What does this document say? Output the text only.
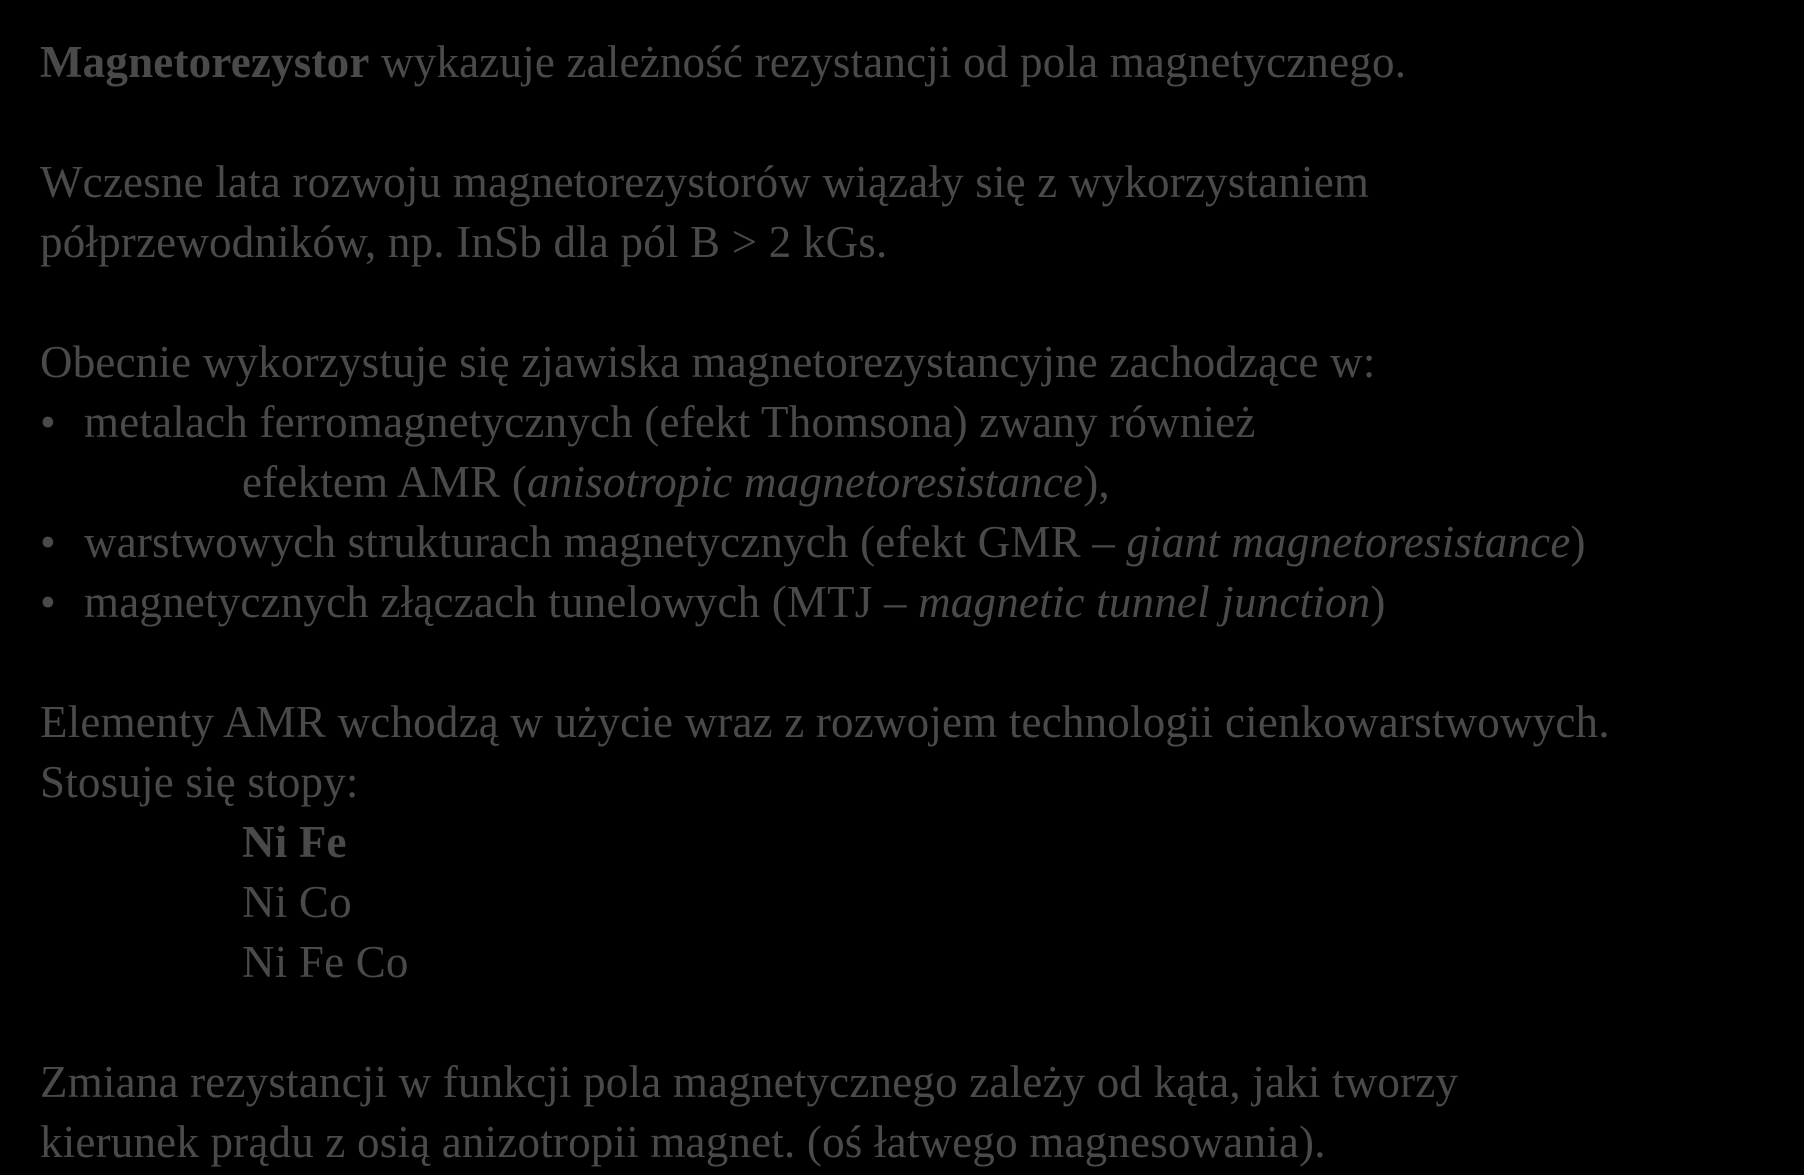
Magnetorezystor wykazuje zależność rezystancji od pola magnetycznego.
Wczesne lata rozwoju magnetorezystorów wiązały się z wykorzystaniem
półprzewodników, np. InSb dla pól B > 2 kGs.
Obecnie wykorzystuje się zjawiska magnetorezystancyjne zachodzące w:
• metalach ferromagnetycznych (efekt Thomsona) zwany również
efektem AMR (anisotropic magnetoresistance),
• warstwowych strukturach magnetycznych (efekt GMR – giant magnetoresistance)
• magnetycznych złączach tunelowych (MTJ – magnetic tunnel junction)
Elementy AMR wchodzą w użycie wraz z rozwojem technologii cienkowarstwowych.
Stosuje się stopy:
Ni Fe
Ni Co
Ni Fe Co
Zmiana rezystancji w funkcji pola magnetycznego zależy od kąta, jaki tworzy
kierunek prądu z osią anizotropii magnet. (oś łatwego magnesowania).
